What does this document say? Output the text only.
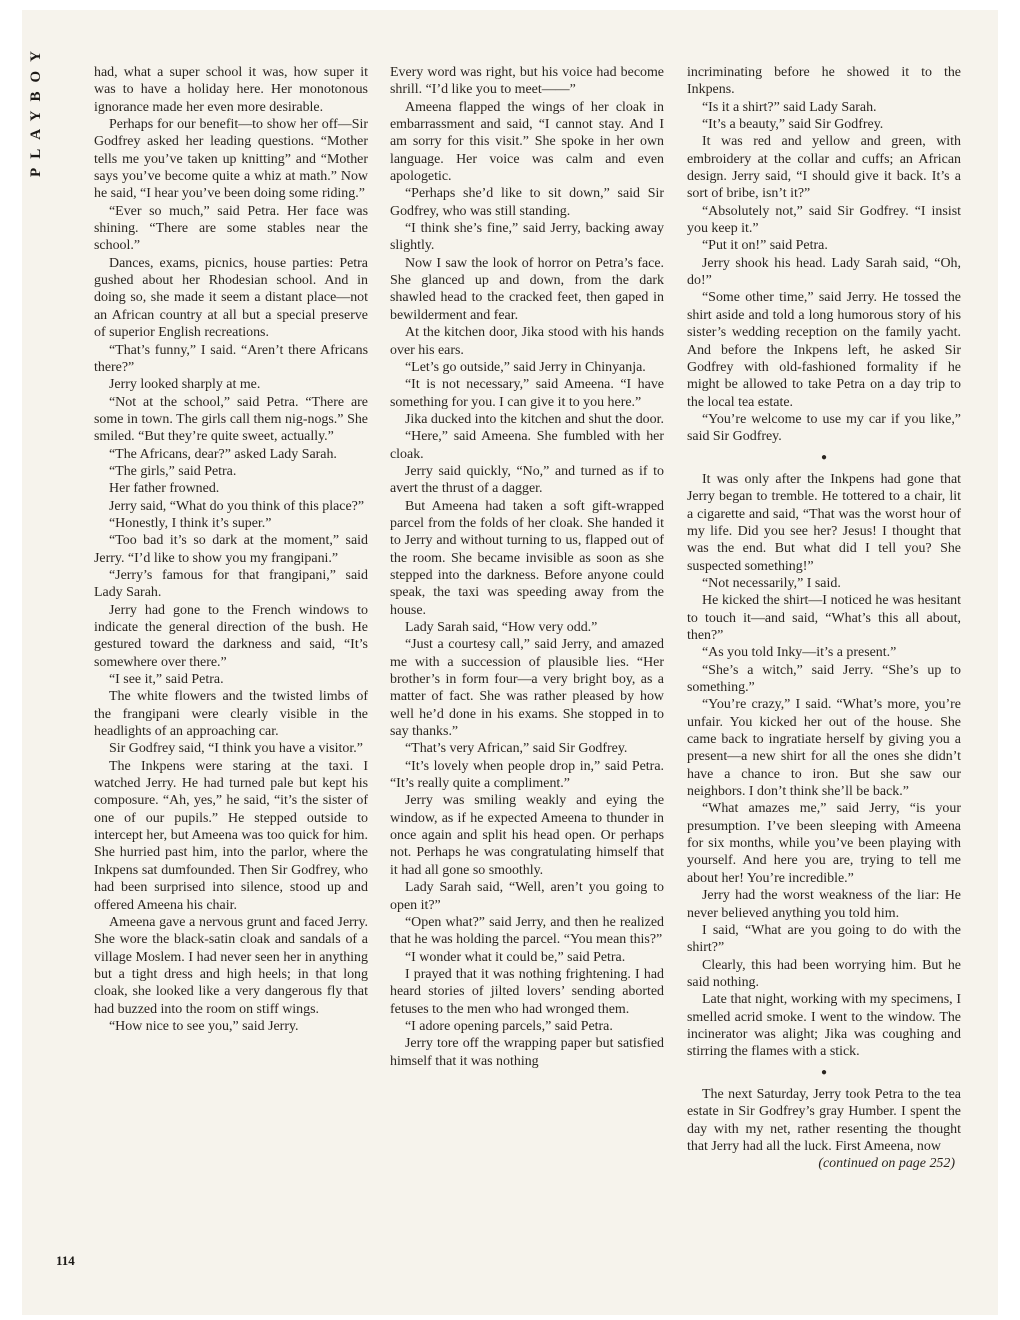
PLAYBOY	had, what a super school it was, how super it was to have a holiday here. Her monotonous ignorance made her even more desirable.

Perhaps for our benefit—to show her off—Sir Godfrey asked her leading questions. “Mother tells me you’ve taken up knitting” and “Mother says you’ve become quite a whiz at math.” Now he said, “I hear you’ve been doing some riding.”

“Ever so much,” said Petra. Her face was shining. “There are some stables near the school.”

Dances, exams, picnics, house parties: Petra gushed about her Rhodesian school. And in doing so, she made it seem a distant place—not an African country at all but a special preserve of superior English recreations.

“That’s funny,” I said. “Aren’t there Africans there?”

Jerry looked sharply at me.

“Not at the school,” said Petra. “There are some in town. The girls call them nig-nogs.” She smiled. “But they’re quite sweet, actually.”

“The Africans, dear?” asked Lady Sarah.

“The girls,” said Petra.

Her father frowned.

Jerry said, “What do you think of this place?”

“Honestly, I think it’s super.”

“Too bad it’s so dark at the moment,” said Jerry. “I’d like to show you my frangipani.”

“Jerry’s famous for that frangipani,” said Lady Sarah.

Jerry had gone to the French windows to indicate the general direction of the bush. He gestured toward the darkness and said, “It’s somewhere over there.”

“I see it,” said Petra.

The white flowers and the twisted limbs of the frangipani were clearly visible in the headlights of an approaching car.

Sir Godfrey said, “I think you have a visitor.”

The Inkpens were staring at the taxi. I watched Jerry. He had turned pale but kept his composure. “Ah, yes,” he said, “it’s the sister of one of our pupils.” He stepped outside to intercept her, but Ameena was too quick for him. She hurried past him, into the parlor, where the Inkpens sat dumfounded. Then Sir Godfrey, who had been surprised into silence, stood up and offered Ameena his chair.

Ameena gave a nervous grunt and faced Jerry. She wore the black-satin cloak and sandals of a village Moslem. I had never seen her in anything but a tight dress and high heels; in that long cloak, she looked like a very dangerous fly that had buzzed into the room on stiff wings.

“How nice to see you,” said Jerry.

Every word was right, but his voice had become shrill. “I’d like you to meet——”

Ameena flapped the wings of her cloak in embarrassment and said, “I cannot stay. And I am sorry for this visit.” She spoke in her own language. Her voice was calm and even apologetic.

“Perhaps she’d like to sit down,” said Sir Godfrey, who was still standing.

“I think she’s fine,” said Jerry, backing away slightly.

Now I saw the look of horror on Petra’s face. She glanced up and down, from the dark shawled head to the cracked feet, then gaped in bewilderment and fear.

At the kitchen door, Jika stood with his hands over his ears.

“Let’s go outside,” said Jerry in Chinyanja.

“It is not necessary,” said Ameena. “I have something for you. I can give it to you here.”

Jika ducked into the kitchen and shut the door.

“Here,” said Ameena. She fumbled with her cloak.

Jerry said quickly, “No,” and turned as if to avert the thrust of a dagger.

But Ameena had taken a soft gift-wrapped parcel from the folds of her cloak. She handed it to Jerry and without turning to us, flapped out of the room. She became invisible as soon as she stepped into the darkness. Before anyone could speak, the taxi was speeding away from the house.

Lady Sarah said, “How very odd.”

“Just a courtesy call,” said Jerry, and amazed me with a succession of plausible lies. “Her brother’s in form four—a very bright boy, as a matter of fact. She was rather pleased by how well he’d done in his exams. She stopped in to say thanks.”

“That’s very African,” said Sir Godfrey.

“It’s lovely when people drop in,” said Petra. “It’s really quite a compliment.”

Jerry was smiling weakly and eying the window, as if he expected Ameena to thunder in once again and split his head open. Or perhaps not. Perhaps he was congratulating himself that it had all gone so smoothly.

Lady Sarah said, “Well, aren’t you going to open it?”

“Open what?” said Jerry, and then he realized that he was holding the parcel. “You mean this?”

“I wonder what it could be,” said Petra.

I prayed that it was nothing frightening. I had heard stories of jilted lovers’ sending aborted fetuses to the men who had wronged them.

“I adore opening parcels,” said Petra.

Jerry tore off the wrapping paper but satisfied himself that it was nothing

incriminating before he showed it to the Inkpens.

“Is it a shirt?” said Lady Sarah.

“It’s a beauty,” said Sir Godfrey.

It was red and yellow and green, with embroidery at the collar and cuffs; an African design. Jerry said, “I should give it back. It’s a sort of bribe, isn’t it?”

“Absolutely not,” said Sir Godfrey. “I insist you keep it.”

“Put it on!” said Petra.

Jerry shook his head. Lady Sarah said, “Oh, do!”

“Some other time,” said Jerry. He tossed the shirt aside and told a long humorous story of his sister’s wedding reception on the family yacht. And before the Inkpens left, he asked Sir Godfrey with old-fashioned formality if he might be allowed to take Petra on a day trip to the local tea estate.

“You’re welcome to use my car if you like,” said Sir Godfrey.

●

It was only after the Inkpens had gone that Jerry began to tremble. He tottered to a chair, lit a cigarette and said, “That was the worst hour of my life. Did you see her? Jesus! I thought that was the end. But what did I tell you? She suspected something!”

“Not necessarily,” I said.

He kicked the shirt—I noticed he was hesitant to touch it—and said, “What’s this all about, then?”

“As you told Inky—it’s a present.”

“She’s a witch,” said Jerry. “She’s up to something.”

“You’re crazy,” I said. “What’s more, you’re unfair. You kicked her out of the house. She came back to ingratiate herself by giving you a present—a new shirt for all the ones she didn’t have a chance to iron. But she saw our neighbors. I don’t think she’ll be back.”

“What amazes me,” said Jerry, “is your presumption. I’ve been sleeping with Ameena for six months, while you’ve been playing with yourself. And here you are, trying to tell me about her! You’re incredible.”

Jerry had the worst weakness of the liar: He never believed anything you told him.

I said, “What are you going to do with the shirt?”

Clearly, this had been worrying him. But he said nothing.

Late that night, working with my specimens, I smelled acrid smoke. I went to the window. The incinerator was alight; Jika was coughing and stirring the flames with a stick.

●

The next Saturday, Jerry took Petra to the tea estate in Sir Godfrey’s gray Humber. I spent the day with my net, rather resenting the thought that Jerry had all the luck. First Ameena, now

(continued on page 252)

114
